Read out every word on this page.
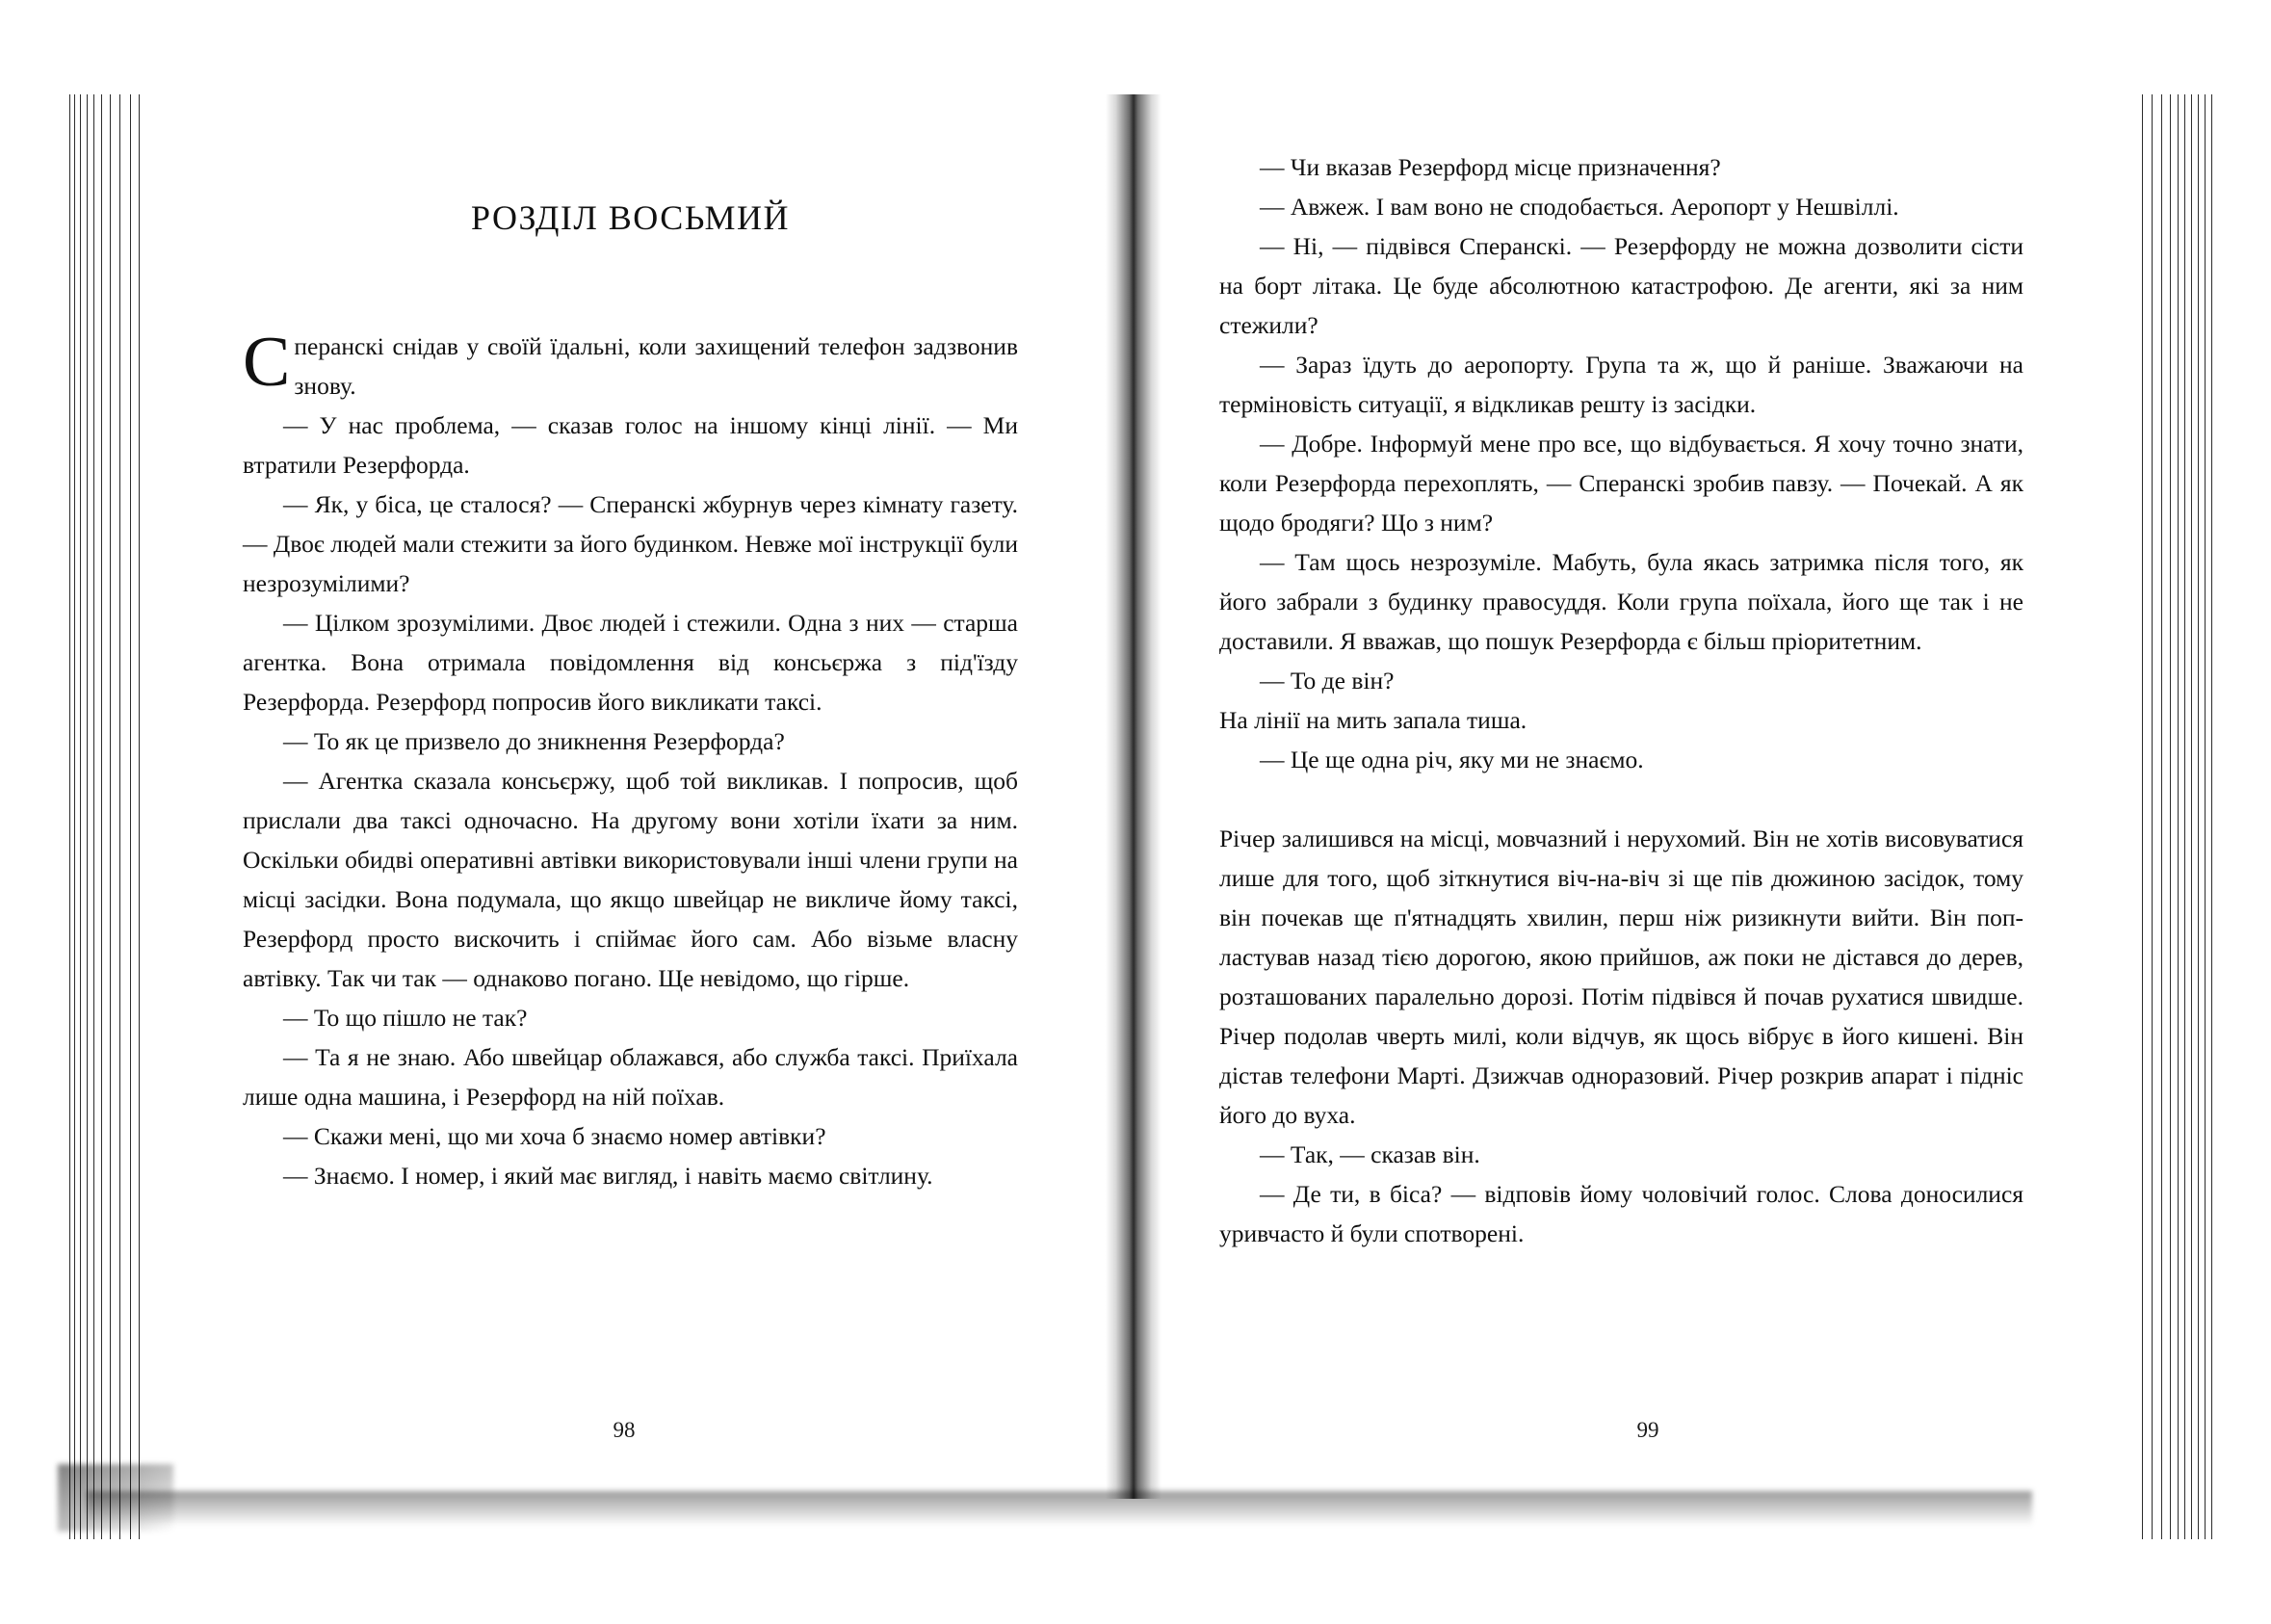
РОЗДІЛ ВОСЬМИЙ

Сперанскі снідав у своїй їдальні, коли захищений телефон задзвонив знову.

— У нас проблема, — сказав голос на іншому кінці лінії. — Ми втратили Резерфорда.

— Як, у біса, це сталося? — Сперанскі жбурнув через кімнату газету. — Двоє людей мали стежити за його будинком. Невже мої інструкції були незрозумілими?

— Цілком зрозумілими. Двоє людей і стежили. Одна з них — старша агентка. Вона отримала повідомлення від консьєржа з під'їзду Резерфорда. Резерфорд попросив його викликати таксі.

— То як це призвело до зникнення Резерфорда?

— Агентка сказала консьєржу, щоб той викликав. І попросив, щоб прислали два таксі одночасно. На другому вони хотіли їхати за ним. Оскільки обидві оперативні автівки використовували інші члени групи на місці засідки. Вона подумала, що якщо швейцар не викличе йому таксі, Резерфорд просто вискочить і спіймає його сам. Або візьме власну автівку. Так чи так — однаково погано. Ще невідомо, що гірше.

— То що пішло не так?

— Та я не знаю. Або швейцар облажався, або служба таксі. Приїхала лише одна машина, і Резерфорд на ній поїхав.

— Скажи мені, що ми хоча б знаємо номер автівки?

— Знаємо. І номер, і який має вигляд, і навіть маємо світлину.

98

— Чи вказав Резерфорд місце призначення?

— Авжеж. І вам воно не сподобається. Аеропорт у Нешвіллі.

— Ні, — підвівся Сперанскі. — Резерфорду не можна дозволити сісти на борт літака. Це буде абсолютною катастрофою. Де агенти, які за ним стежили?

— Зараз їдуть до аеропорту. Група та ж, що й раніше. Зважаючи на терміновість ситуації, я відкликав решту із засідки.

— Добре. Інформуй мене про все, що відбувається. Я хочу точно знати, коли Резерфорда перехоплять, — Сперанскі зробив павзу. — Почекай. А як щодо бродяги? Що з ним?

— Там щось незрозуміле. Мабуть, була якась затримка після того, як його забрали з будинку правосуддя. Коли група поїхала, його ще так і не доставили. Я вважав, що пошук Резерфорда є більш пріоритетним.

— То де він?

На лінії на мить запала тиша.

— Це ще одна річ, яку ми не знаємо.

Річер залишився на місці, мовчазний і нерухомий. Він не хотів висовуватися лише для того, щоб зіткнутися віч-на-віч зі ще пів дюжиною засідок, тому він почекав ще п'ятнадцять хвилин, перш ніж ризикнути вийти. Він попластував назад тією дорогою, якою прийшов, аж поки не дістався до дерев, розташованих паралельно дорозі. Потім підвівся й почав рухатися швидше. Річер подолав чверть милі, коли відчув, як щось вібрує в його кишені. Він дістав телефони Марті. Дзижчав одноразовий. Річер розкрив апарат і підніс його до вуха.

— Так, — сказав він.

— Де ти, в біса? — відповів йому чоловічий голос. Слова доносилися уривчасто й були спотворені.

99
